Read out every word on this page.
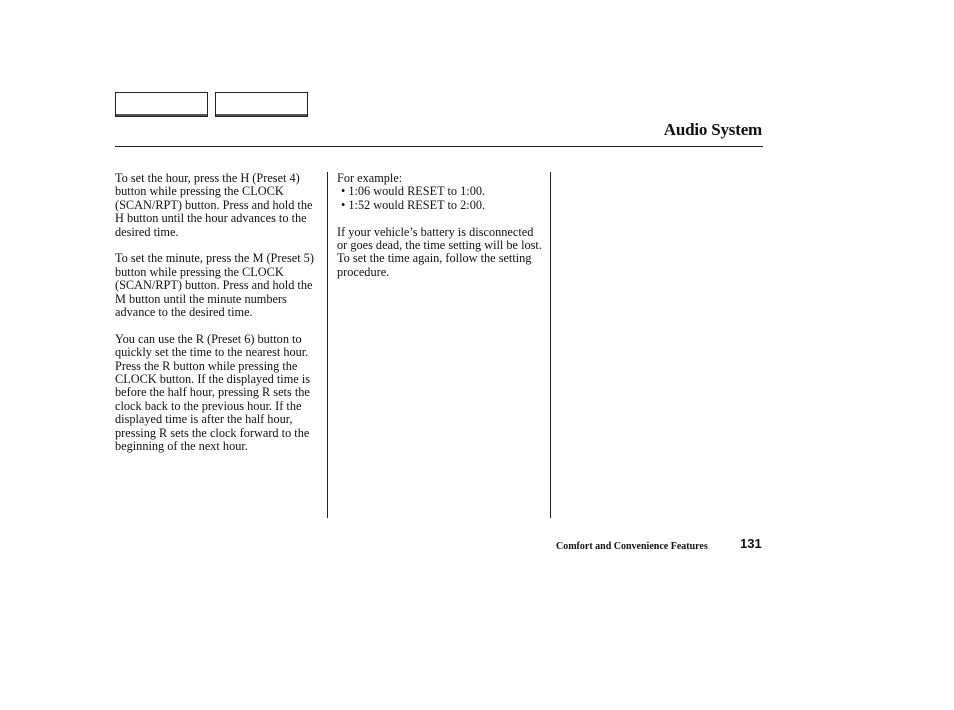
Audio System

To set the hour, press the H (Preset 4) button while pressing the CLOCK (SCAN/RPT) button. Press and hold the H button until the hour advances to the desired time.

To set the minute, press the M (Preset 5) button while pressing the CLOCK (SCAN/RPT) button. Press and hold the M button until the minute numbers advance to the desired time.

You can use the R (Preset 6) button to quickly set the time to the nearest hour. Press the R button while pressing the CLOCK button. If the displayed time is before the half hour, pressing R sets the clock back to the previous hour. If the displayed time is after the half hour, pressing R sets the clock forward to the beginning of the next hour.

For example:
• 1:06 would RESET to 1:00.
• 1:52 would RESET to 2:00.

If your vehicle’s battery is disconnected or goes dead, the time setting will be lost. To set the time again, follow the setting procedure.

Comfort and Convenience Features 131
